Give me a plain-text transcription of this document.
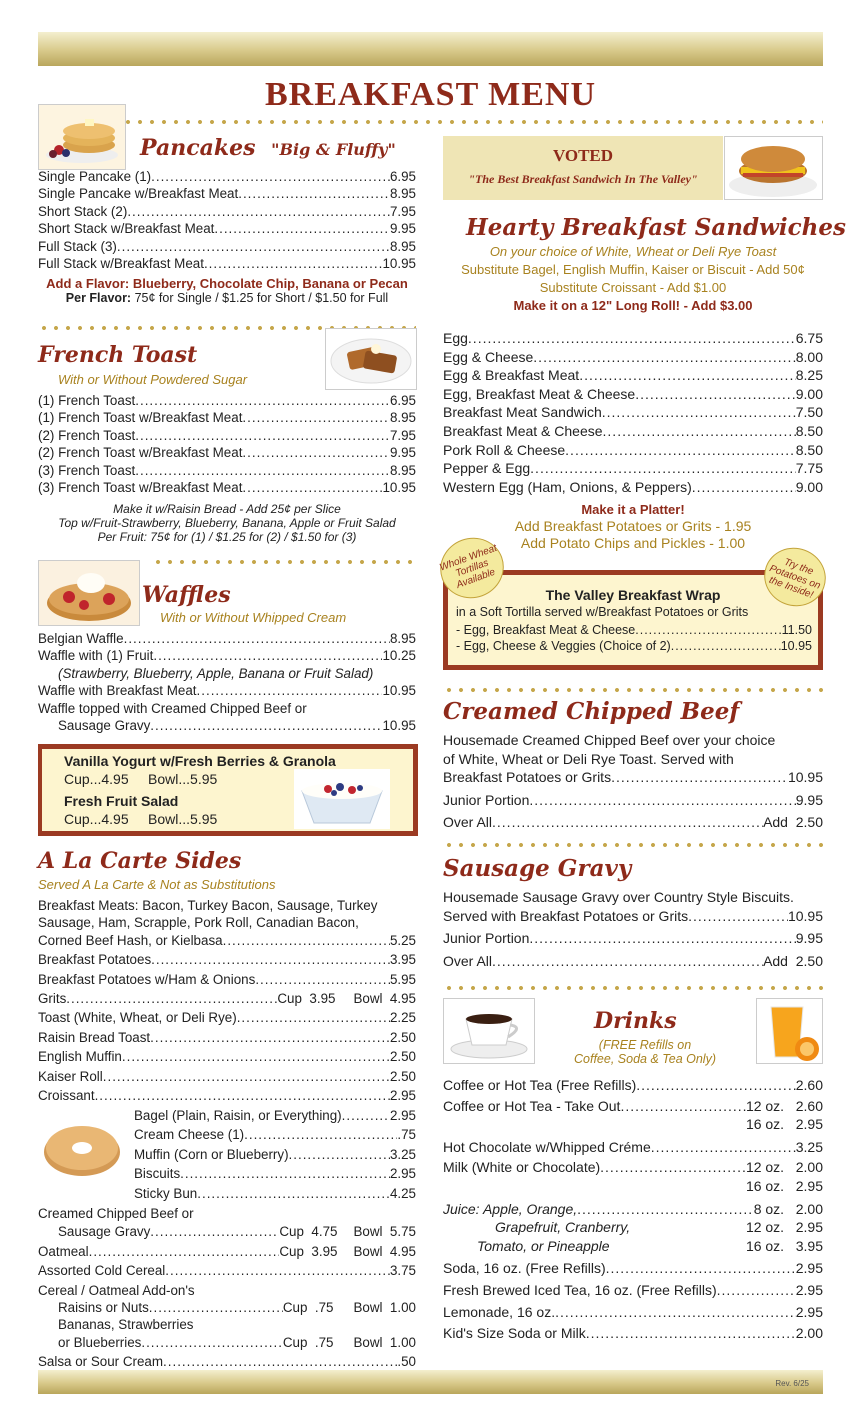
BREAKFAST MENU
Pancakes "Big & Fluffy"
Single Pancake (1) .....	6.95
Single Pancake w/Breakfast Meat .....	8.95
Short Stack (2) .....	7.95
Short Stack w/Breakfast Meat .....	9.95
Full Stack (3) .....	8.95
Full Stack w/Breakfast Meat .....	10.95
Add a Flavor: Blueberry, Chocolate Chip, Banana or Pecan
Per Flavor: 75¢ for Single / $1.25 for Short / $1.50 for Full
French Toast
With or Without Powdered Sugar
(1) French Toast .....	6.95
(1) French Toast w/Breakfast Meat .....	8.95
(2) French Toast .....	7.95
(2) French Toast w/Breakfast Meat .....	9.95
(3) French Toast .....	8.95
(3) French Toast w/Breakfast Meat .....	10.95
Make it w/Raisin Bread - Add 25¢ per Slice
Top w/Fruit-Strawberry, Blueberry, Banana, Apple or Fruit Salad
Per Fruit: 75¢ for (1) / $1.25 for (2) / $1.50 for (3)
Waffles
With or Without Whipped Cream
Belgian Waffle .....	8.95
Waffle with (1) Fruit .....	10.25
(Strawberry, Blueberry, Apple, Banana or Fruit Salad)
Waffle with Breakfast Meat .....	10.95
Waffle topped with Creamed Chipped Beef or
Sausage Gravy .....	10.95
Vanilla Yogurt w/Fresh Berries & Granola
Cup...4.95     Bowl...5.95
Fresh Fruit Salad
Cup...4.95     Bowl...5.95
A La Carte Sides
Served A La Carte & Not as Substitutions
Breakfast Meats: Bacon, Turkey Bacon, Sausage, Turkey
Sausage, Ham, Scrapple, Pork Roll, Canadian Bacon,
Corned Beef Hash, or Kielbasa .....	5.25
Breakfast Potatoes .....	3.95
Breakfast Potatoes w/Ham & Onions .....	5.95
Grits .....	Cup  3.95 Bowl  4.95
Toast (White, Wheat, or Deli Rye) .....	2.25
Raisin Bread Toast .....	2.50
English Muffin .....	2.50
Kaiser Roll .....	2.50
Croissant .....	2.95
Bagel (Plain, Raisin, or Everything) .....	2.95
Cream Cheese (1) .....	.75
Muffin (Corn or Blueberry) .....	3.25
Biscuits .....	2.95
Sticky Bun .....	4.25
Creamed Chipped Beef or
Sausage Gravy .....	Cup  4.75 Bowl  5.75
Oatmeal .....	Cup  3.95 Bowl  4.95
Assorted Cold Cereal .....	3.75
Cereal / Oatmeal Add-on's
Raisins or Nuts .....	Cup  .75 Bowl  1.00
Bananas, Strawberries
or Blueberries .....	Cup  .75 Bowl  1.00
Salsa or Sour Cream .....	.50
VOTED
"The Best Breakfast Sandwich In The Valley"
Hearty Breakfast Sandwiches
On your choice of White, Wheat or Deli Rye Toast
Substitute Bagel, English Muffin, Kaiser or Biscuit - Add 50¢
Substitute Croissant - Add $1.00
Make it on a 12" Long Roll! - Add $3.00
Egg .....	6.75
Egg & Cheese .....	8.00
Egg & Breakfast Meat .....	8.25
Egg, Breakfast Meat & Cheese .....	9.00
Breakfast Meat Sandwich .....	7.50
Breakfast Meat & Cheese .....	8.50
Pork Roll & Cheese .....	8.50
Pepper & Egg .....	7.75
Western Egg (Ham, Onions, & Peppers) .....	9.00
Make it a Platter!
Add Breakfast Potatoes or Grits - 1.95
Add Potato Chips and Pickles - 1.00
The Valley Breakfast Wrap
in a Soft Tortilla served w/Breakfast Potatoes or Grits
- Egg, Breakfast Meat & Cheese .....	11.50
- Egg, Cheese & Veggies (Choice of 2) .....	10.95
Whole Wheat Tortillas Available	Try the Potatoes on the Inside!
Creamed Chipped Beef
Housemade Creamed Chipped Beef over your choice
of White, Wheat or Deli Rye Toast. Served with
Breakfast Potatoes or Grits .....	10.95
Junior Portion .....	9.95
Over All .....	Add  2.50
Sausage Gravy
Housemade Sausage Gravy over Country Style Biscuits.
Served with Breakfast Potatoes or Grits .....	10.95
Junior Portion .....	9.95
Over All .....	Add  2.50
Drinks
(FREE Refills on
Coffee, Soda & Tea Only)
Coffee or Hot Tea (Free Refills) .....	2.60
Coffee or Hot Tea - Take Out .....	12 oz.   2.60
16 oz.   2.95
Hot Chocolate w/Whipped Créme .....	3.25
Milk (White or Chocolate) .....	12 oz.   2.00
16 oz.   2.95
Juice: Apple, Orange, .....	8 oz.   2.00
Grapefruit, Cranberry,	12 oz.   2.95
Tomato, or Pineapple	16 oz.   3.95
Soda, 16 oz. (Free Refills) .....	2.95
Fresh Brewed Iced Tea, 16 oz. (Free Refills) .....	2.95
Lemonade, 16 oz. .....	2.95
Kid's Size Soda or Milk .....	2.00
Rev. 6/25
